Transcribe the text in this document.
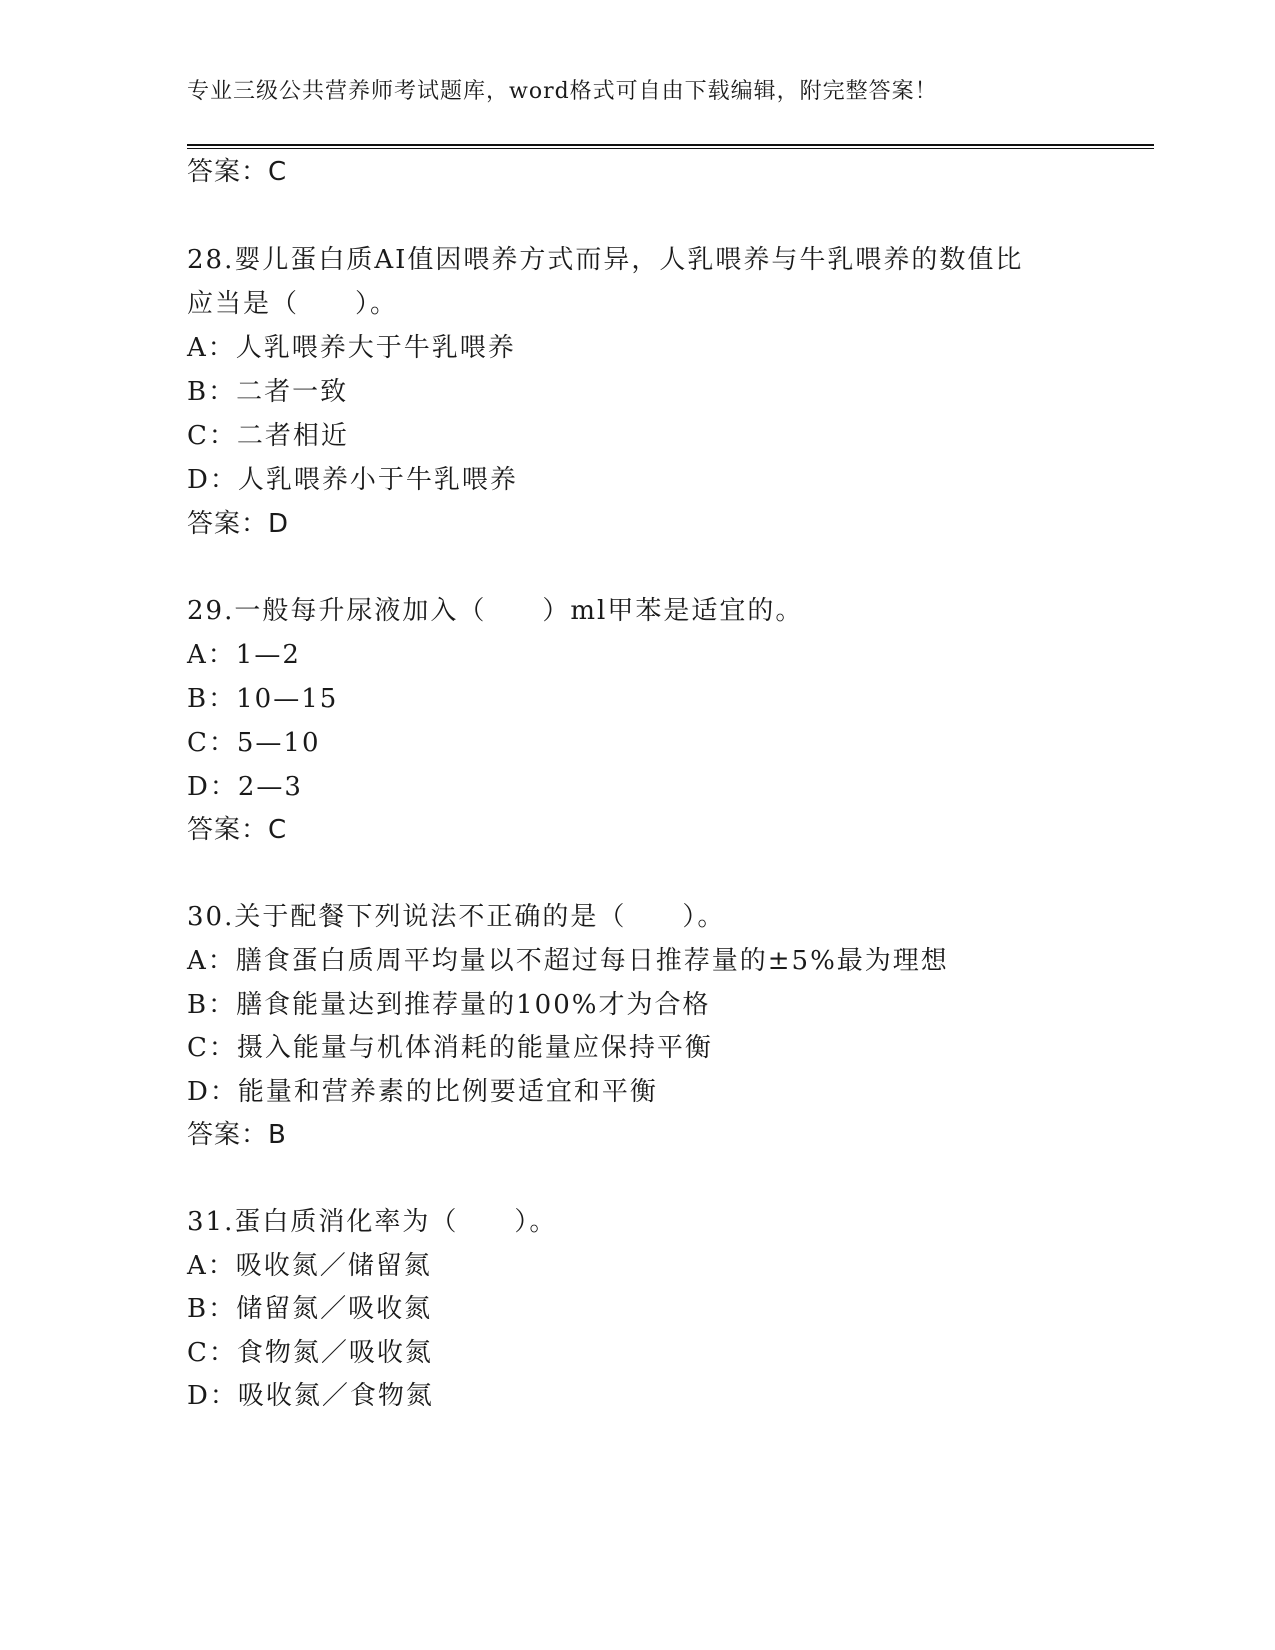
专业三级公共营养师考试题库，word格式可自由下载编辑，附完整答案！
答案：C
28.婴儿蛋白质AI值因喂养方式而异，人乳喂养与牛乳喂养的数值比
应当是（　　）。
A：人乳喂养大于牛乳喂养
B：二者一致
C：二者相近
D：人乳喂养小于牛乳喂养
答案：D
29.一般每升尿液加入（　　）ml甲苯是适宜的。
A：1—2
B：10—15
C：5—10
D：2—3
答案：C
30.关于配餐下列说法不正确的是（　　）。
A：膳食蛋白质周平均量以不超过每日推荐量的±5%最为理想
B：膳食能量达到推荐量的100%才为合格
C：摄入能量与机体消耗的能量应保持平衡
D：能量和营养素的比例要适宜和平衡
答案：B
31.蛋白质消化率为（　　）。
A：吸收氮／储留氮
B：储留氮／吸收氮
C：食物氮／吸收氮
D：吸收氮／食物氮
